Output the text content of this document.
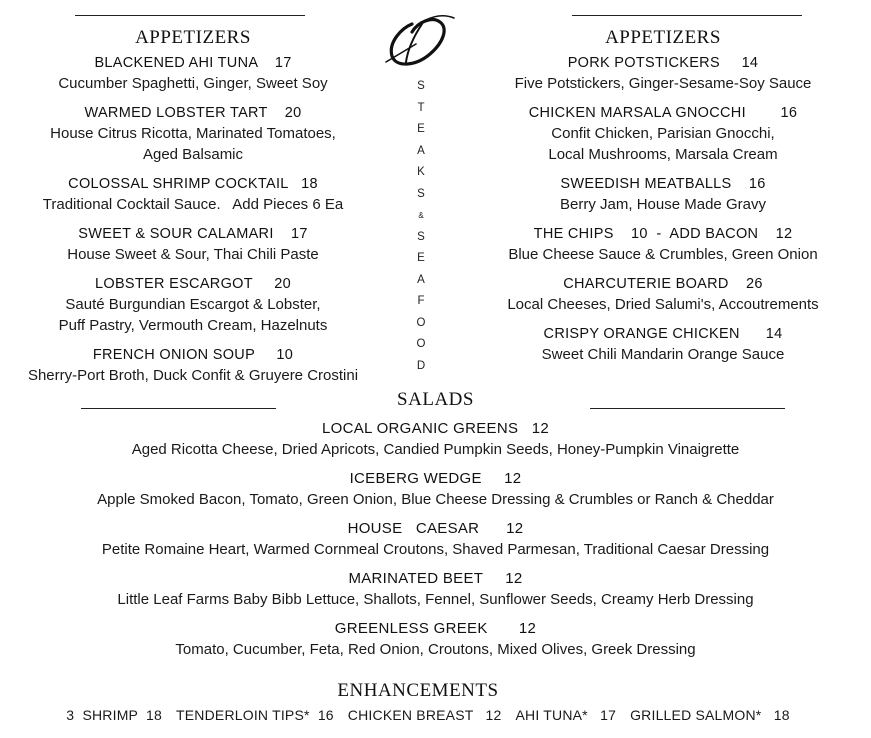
S
T
E
A
K
S
&
S
E
A
F
O
O
D
APPETIZERS
BLACKENED AHI TUNA    17
Cucumber Spaghetti, Ginger, Sweet Soy
WARMED LOBSTER TART    20
House Citrus Ricotta, Marinated Tomatoes,
Aged Balsamic
COLOSSAL SHRIMP COCKTAIL   18
Traditional Cocktail Sauce.   Add Pieces 6 Ea
SWEET & SOUR CALAMARI    17
House Sweet & Sour, Thai Chili Paste
LOBSTER ESCARGOT     20
Sauté Burgundian Escargot & Lobster,
Puff Pastry, Vermouth Cream, Hazelnuts
FRENCH ONION SOUP     10
Sherry-Port Broth, Duck Confit & Gruyere Crostini
APPETIZERS
PORK POTSTICKERS     14
Five Potstickers, Ginger-Sesame-Soy Sauce
CHICKEN MARSALA GNOCCHI        16
Confit Chicken, Parisian Gnocchi,
Local Mushrooms, Marsala Cream
SWEEDISH MEATBALLS    16
Berry Jam, House Made Gravy
THE CHIPS    10  -  ADD BACON    12
Blue Cheese Sauce & Crumbles, Green Onion
CHARCUTERIE BOARD    26
Local Cheeses, Dried Salumi's, Accoutrements
CRISPY ORANGE CHICKEN      14
Sweet Chili Mandarin Orange Sauce
SALADS
LOCAL ORGANIC GREENS   12
Aged Ricotta Cheese, Dried Apricots, Candied Pumpkin Seeds, Honey-Pumpkin Vinaigrette
ICEBERG WEDGE     12
Apple Smoked Bacon, Tomato, Green Onion, Blue Cheese Dressing & Crumbles or Ranch & Cheddar
HOUSE   CAESAR      12
Petite Romaine Heart, Warmed Cornmeal Croutons, Shaved Parmesan, Traditional Caesar Dressing
MARINATED BEET     12
Little Leaf Farms Baby Bibb Lettuce, Shallots, Fennel, Sunflower Seeds, Creamy Herb Dressing
GREENLESS GREEK       12
Tomato, Cucumber, Feta, Red Onion, Croutons, Mixed Olives, Greek Dressing
ENHANCEMENTS
3  SHRIMP  18 TENDERLOIN TIPS*  16 CHICKEN BREAST   12 AHI TUNA*   17 GRILLED SALMON*   18
